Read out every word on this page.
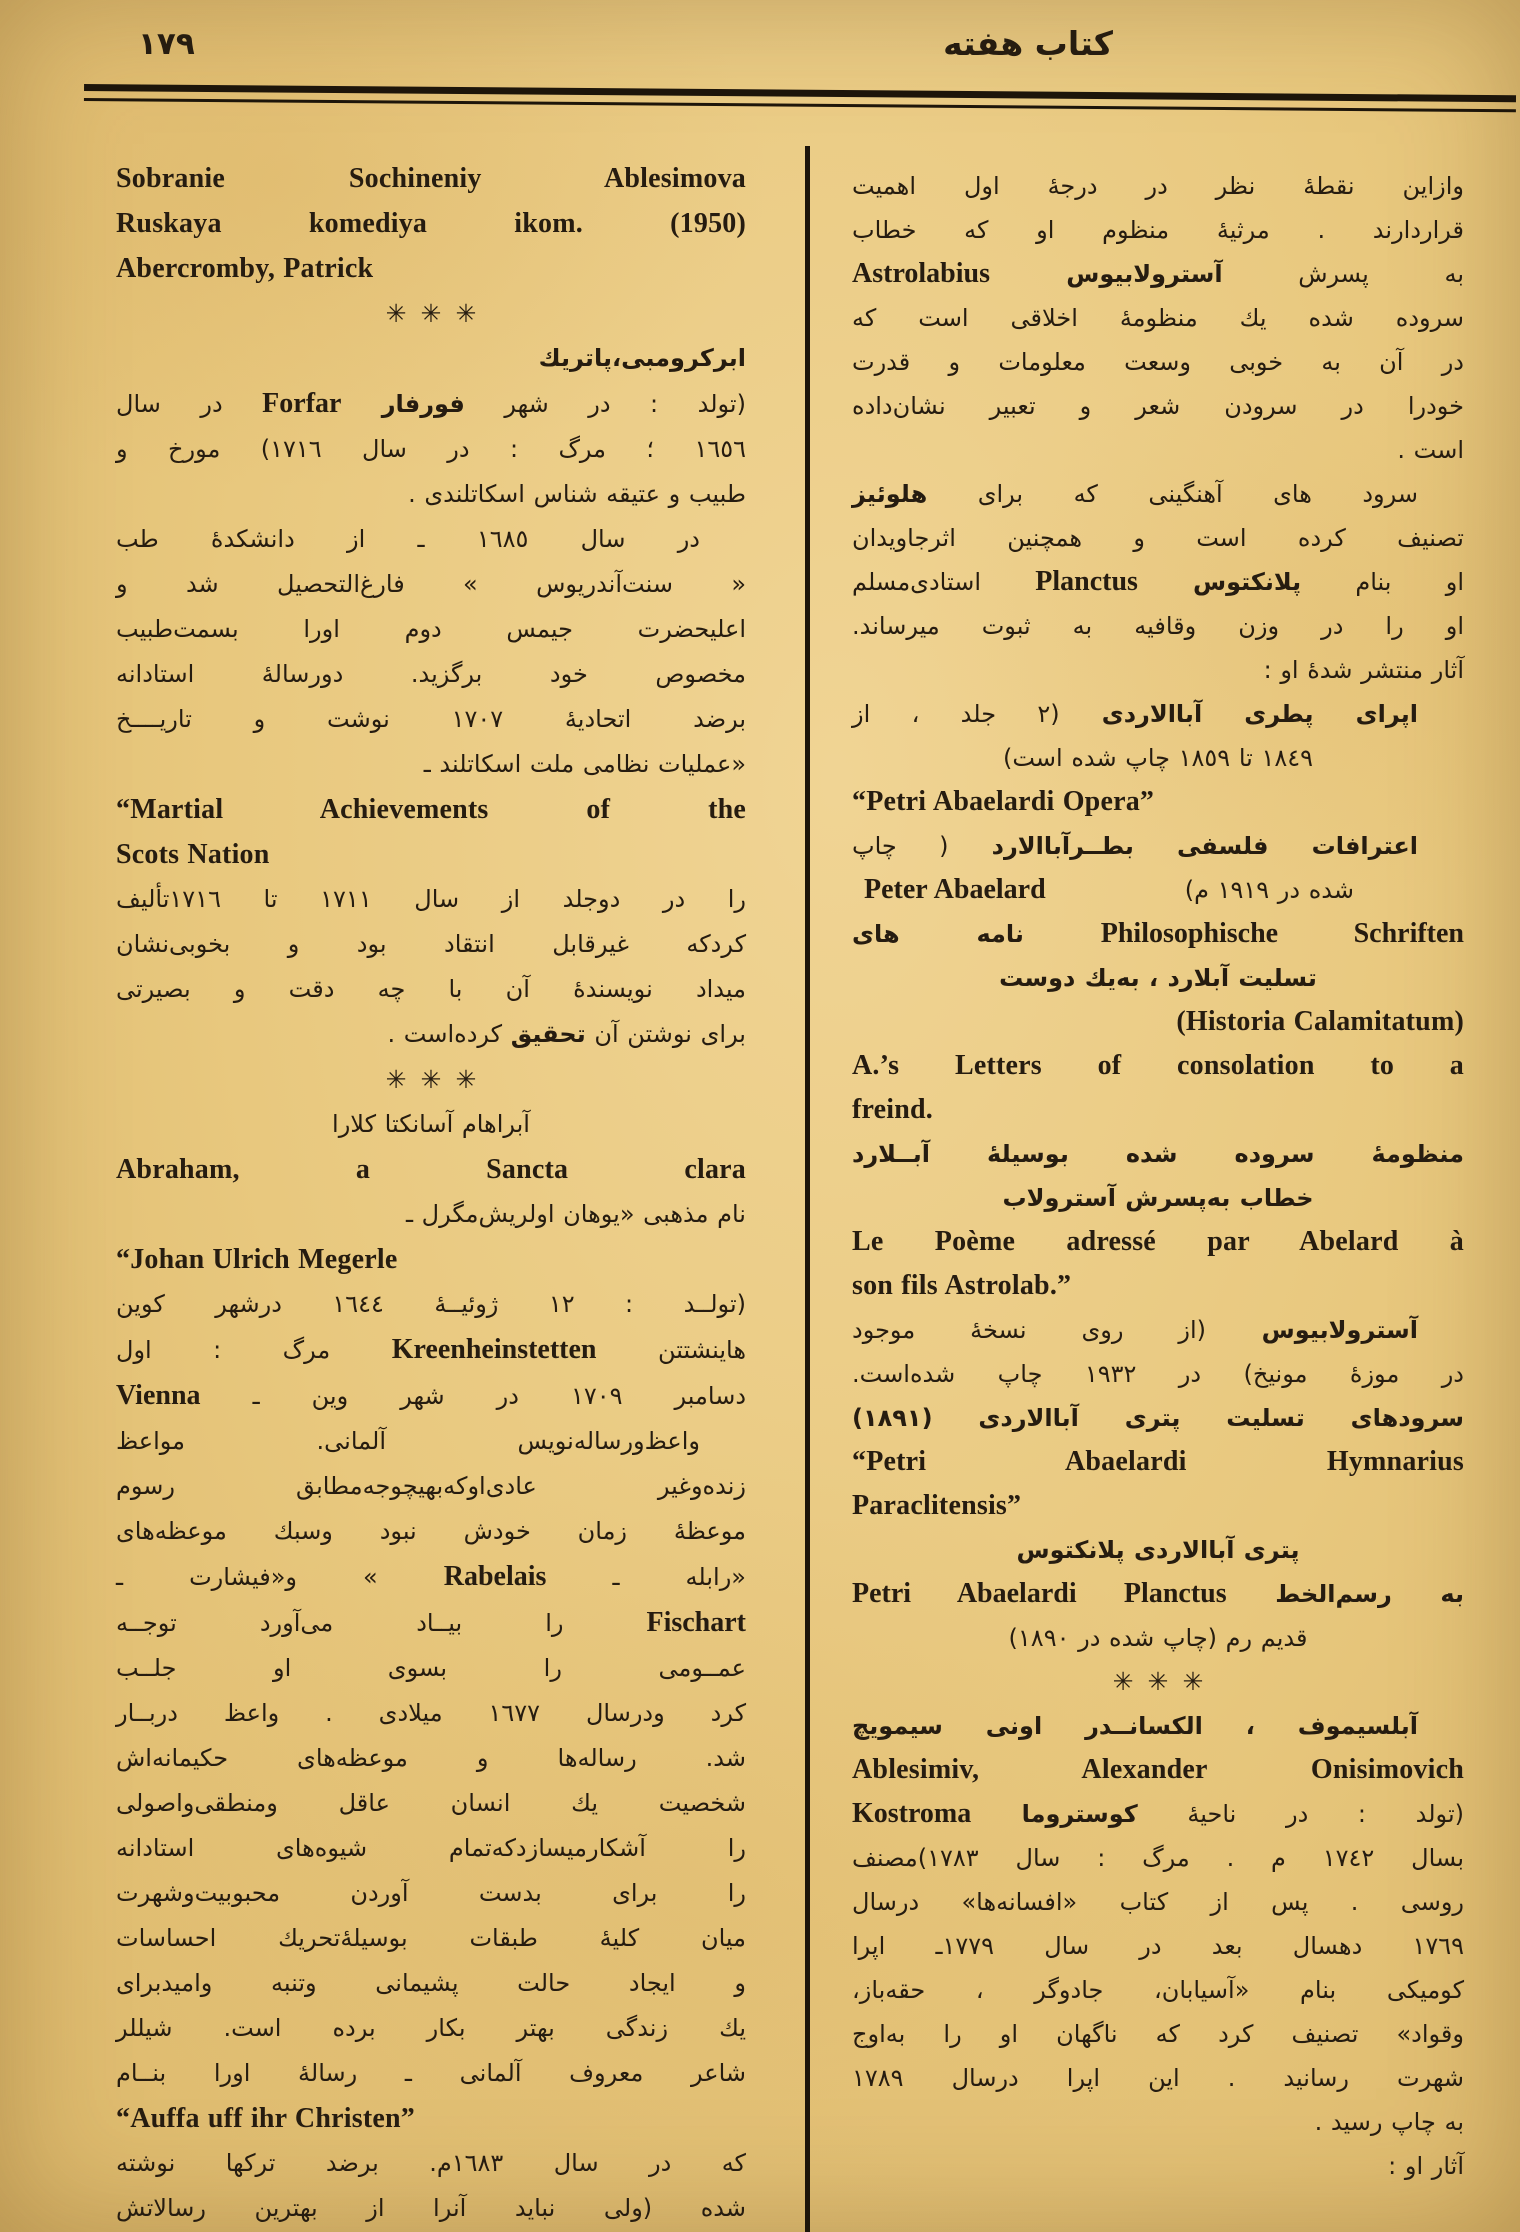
١٧٩	کتاب هفته
Sobranie Sochineniy Ablesimova
Ruskaya komediya ikom. (1950)
Abercromby, Patrick
✳✳✳
ابرکرومبی،پاتریك
(تولد : در شهر فورفار Forfar در سال
١٦٥٦ ؛ مرگ : در سال ١٧١٦) مورخ و
طبیب و عتیقه شناس اسکاتلندی .
در سال ١٦٨٥ ـ از دانشکدهٔ طب
« سنت‌آندریوس » فارغ‌التحصیل شد و
اعلیحضرت جیمس دوم اورا بسمت‌طبیب
مخصوص خود برگزید. دورسالهٔ استادانه
برضد اتحادیهٔ ١٧٠٧ نوشت و تاریــــخ
«عملیات نظامی ملت اسکاتلند ـ
“Martial Achievements of the
Scots Nation
را در دوجلد از سال ١٧١١ تا ١٧١٦تألیف
کردکه غیرقابل انتقاد بود و بخوبی‌نشان
میداد نویسندهٔ آن با چه دقت و بصیرتی
برای نوشتن آن تحقیق کرده‌است .
✳✳✳
آبراهام آسانکتا کلارا
Abraham, a Sancta clara
نام مذهبی «یوهان اولریش‌مگرل ـ
“Johan Ulrich Megerle
(تولــد : ١٢ ژوئیــهٔ ١٦٤٤ درشهر کوین
هاینشتتن Kreenheinstetten مرگ : اول
دسامبر ١٧٠٩ در شهر وین ـ Vienna
واعظ‌ورساله‌نویس آلمانی. مواعظ
زنده‌وغیر عادی‌اوکه‌بهیچوجه‌مطابق رسوم
موعظهٔ زمان خودش نبود وسبك موعظه‌های
«رابله ـ Rabelais » و«فیشارت ـ
Fischart را بیــاد می‌آورد توجــه
عمــومی را بسوی او جلــب
کرد ودرسال ١٦٧٧ میلادی . واعظ دربــار
شد. رساله‌ها و موعظه‌های حکیمانه‌اش
شخصیت یك انسان عاقل ومنطقی‌واصولی
را آشکارمیسازدکه‌تمام شیوه‌های استادانه
را برای بدست آوردن محبوبیت‌وشهرت
میان کلیهٔ طبقات بوسیلهٔ‌تحریك احساسات
و ایجاد حالت پشیمانی وتنبه وامیدبرای
یك زندگی بهتر بکار برده است. شیللر
شاعر معروف آلمانی ـ رسالهٔ اورا بنــام
“Auffa uff ihr Christen”
که در سال ١٦٨٣م. برضد ترکها نوشته
شده (ولی نباید آنرا از بهترین رسالاتش
وازاین نقطهٔ نظر در درجهٔ اول اهمیت
قراردارند . مرثیهٔ منظوم او که خطاب
به پسرش آسترولابیوس Astrolabius
سروده شده یك منظومهٔ اخلاقی است که
در آن به خوبی وسعت معلومات و قدرت
خودرا در سرودن شعر و تعبیر نشان‌داده
است .
سرود های آهنگینی که برای هلوئیز
تصنیف کرده است و همچنین اثرجاویدان
او بنام پلانکتوس Planctus استادی‌مسلم
او را در وزن وقافیه به ثبوت میرساند.
آثار منتشر شدهٔ او :
اپرای پطری آباالاردی (٢ جلد ، از
١٨٤٩ تا ١٨٥٩ چاپ شده است)
“Petri Abaelardi Opera”
اعترافات فلسفی بطــرآباالارد ( چاپ
Peter Abaelard	شده در ١٩١٩ م)
Philosophische Schriften نامه های
تسلیت آبلارد ، به‌یك دوست
(Historia Calamitatum)
A.’s Letters of consolation to a
freind.
منظومهٔ سروده شده بوسیلهٔ آبــلارد
خطاب به‌پسرش آسترولاب
Le Poème adressé par Abelard à
son fils Astrolab.”
آسترولابیوس (از روی نسخهٔ موجود
در موزهٔ مونیخ) در ١٩٣٢ چاپ شده‌است.
سرودهای تسلیت پتری آباالاردی (١٨٩١)
“Petri Abaelardi Hymnarius
Paraclitensis”
پتری آباالاردی پلانکتوس
به رسم‌الخط Petri Abaelardi Planctus
قدیم رم (چاپ شده در ١٨٩٠)
✳✳✳
آبلسیموف ، الکسانــدر اونی سیمویچ
Ablesimiv, Alexander Onisimovich
(تولد : در ناحیهٔ کوستروما Kostroma
بسال ١٧٤٢ م . مرگ : سال ١٧٨٣)مصنف
روسی . پس از کتاب «افسانه‌ها» درسال
١٧٦٩ دهسال بعد در سال ١٧٧٩ـ اپرا
کومیکی بنام «آسیابان، جادوگر ، حقه‌باز،
وقواد» تصنیف کرد که ناگهان او را به‌اوج
شهرت رسانید . این اپرا درسال ١٧٨٩
به چاپ رسید .
آثار او :
